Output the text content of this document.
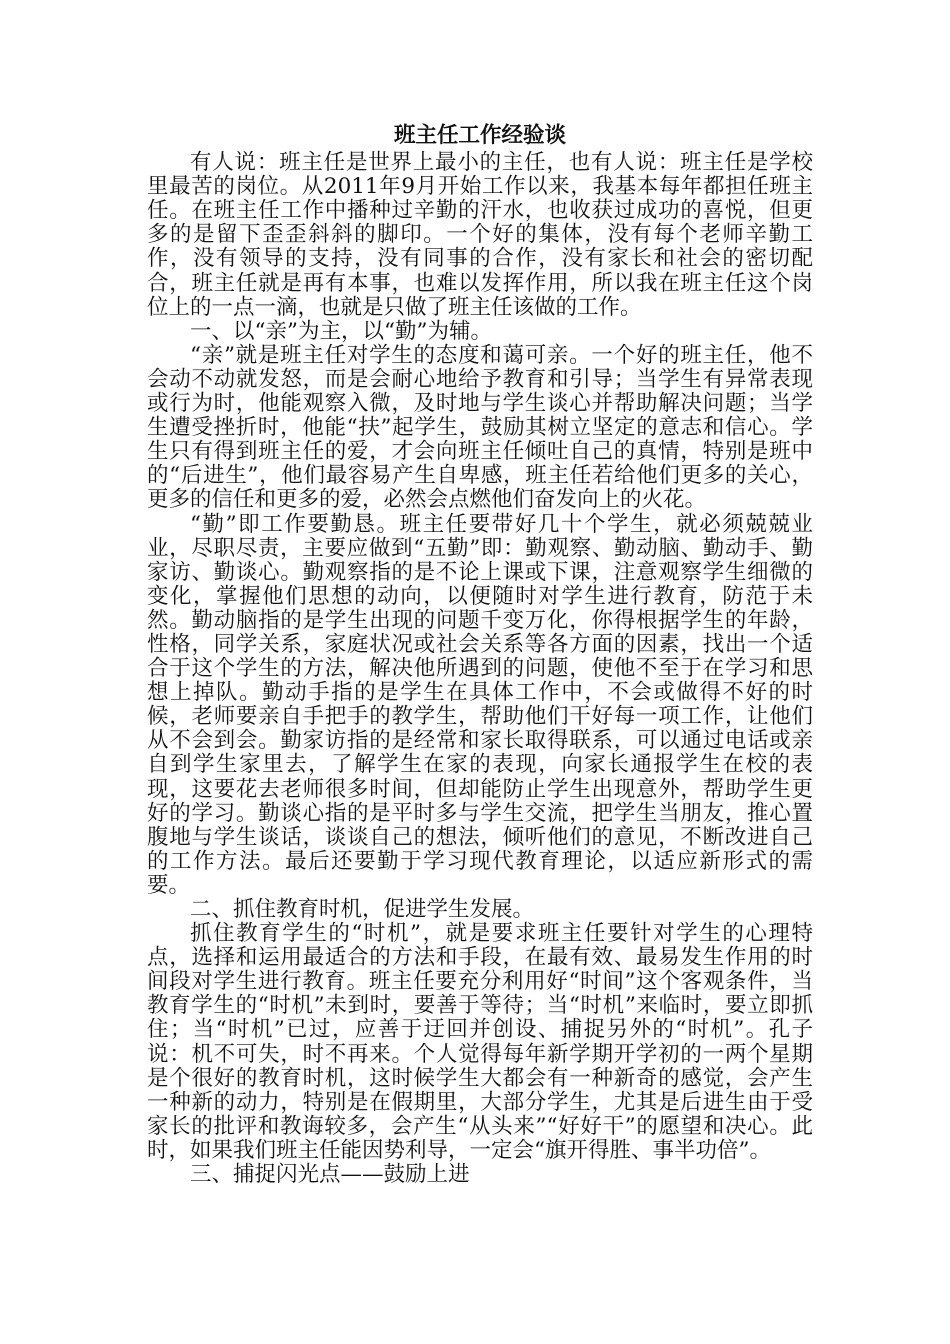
班主任工作经验谈

有人说：班主任是世界上最小的主任，也有人说：班主任是学校里最苦的岗位。从2011年9月开始工作以来，我基本每年都担任班主任。在班主任工作中播种过辛勤的汗水，也收获过成功的喜悦，但更多的是留下歪歪斜斜的脚印。一个好的集体，没有每个老师辛勤工作，没有领导的支持，没有同事的合作，没有家长和社会的密切配合，班主任就是再有本事，也难以发挥作用，所以我在班主任这个岗位上的一点一滴，也就是只做了班主任该做的工作。

一、以“亲”为主，以“勤”为辅。

“亲”就是班主任对学生的态度和蔼可亲。一个好的班主任，他不会动不动就发怒，而是会耐心地给予教育和引导；当学生有异常表现或行为时，他能观察入微，及时地与学生谈心并帮助解决问题；当学生遭受挫折时，他能“扶”起学生，鼓励其树立坚定的意志和信心。学生只有得到班主任的爱，才会向班主任倾吐自己的真情，特别是班中的“后进生”，他们最容易产生自卑感，班主任若给他们更多的关心，更多的信任和更多的爱，必然会点燃他们奋发向上的火花。

“勤”即工作要勤恳。班主任要带好几十个学生，就必须兢兢业业，尽职尽责，主要应做到“五勤”即：勤观察、勤动脑、勤动手、勤家访、勤谈心。勤观察指的是不论上课或下课，注意观察学生细微的变化，掌握他们思想的动向，以便随时对学生进行教育，防范于未然。勤动脑指的是学生出现的问题千变万化，你得根据学生的年龄，性格，同学关系，家庭状况或社会关系等各方面的因素，找出一个适合于这个学生的方法，解决他所遇到的问题，使他不至于在学习和思想上掉队。勤动手指的是学生在具体工作中，不会或做得不好的时候，老师要亲自手把手的教学生，帮助他们干好每一项工作，让他们从不会到会。勤家访指的是经常和家长取得联系，可以通过电话或亲自到学生家里去，了解学生在家的表现，向家长通报学生在校的表现，这要花去老师很多时间，但却能防止学生出现意外，帮助学生更好的学习。勤谈心指的是平时多与学生交流，把学生当朋友，推心置腹地与学生谈话，谈谈自己的想法，倾听他们的意见，不断改进自己的工作方法。最后还要勤于学习现代教育理论，以适应新形式的需要。

二、抓住教育时机，促进学生发展。

抓住教育学生的“时机”，就是要求班主任要针对学生的心理特点，选择和运用最适合的方法和手段，在最有效、最易发生作用的时间段对学生进行教育。班主任要充分利用好“时间”这个客观条件，当教育学生的“时机”未到时，要善于等待；当“时机”来临时，要立即抓住；当“时机”已过，应善于迂回并创设、捕捉另外的“时机”。孔子说：机不可失，时不再来。个人觉得每年新学期开学初的一两个星期是个很好的教育时机，这时候学生大都会有一种新奇的感觉，会产生一种新的动力，特别是在假期里，大部分学生，尤其是后进生由于受家长的批评和教诲较多，会产生“从头来”“好好干”的愿望和决心。此时，如果我们班主任能因势利导，一定会“旗开得胜、事半功倍”。

三、捕捉闪光点——鼓励上进
